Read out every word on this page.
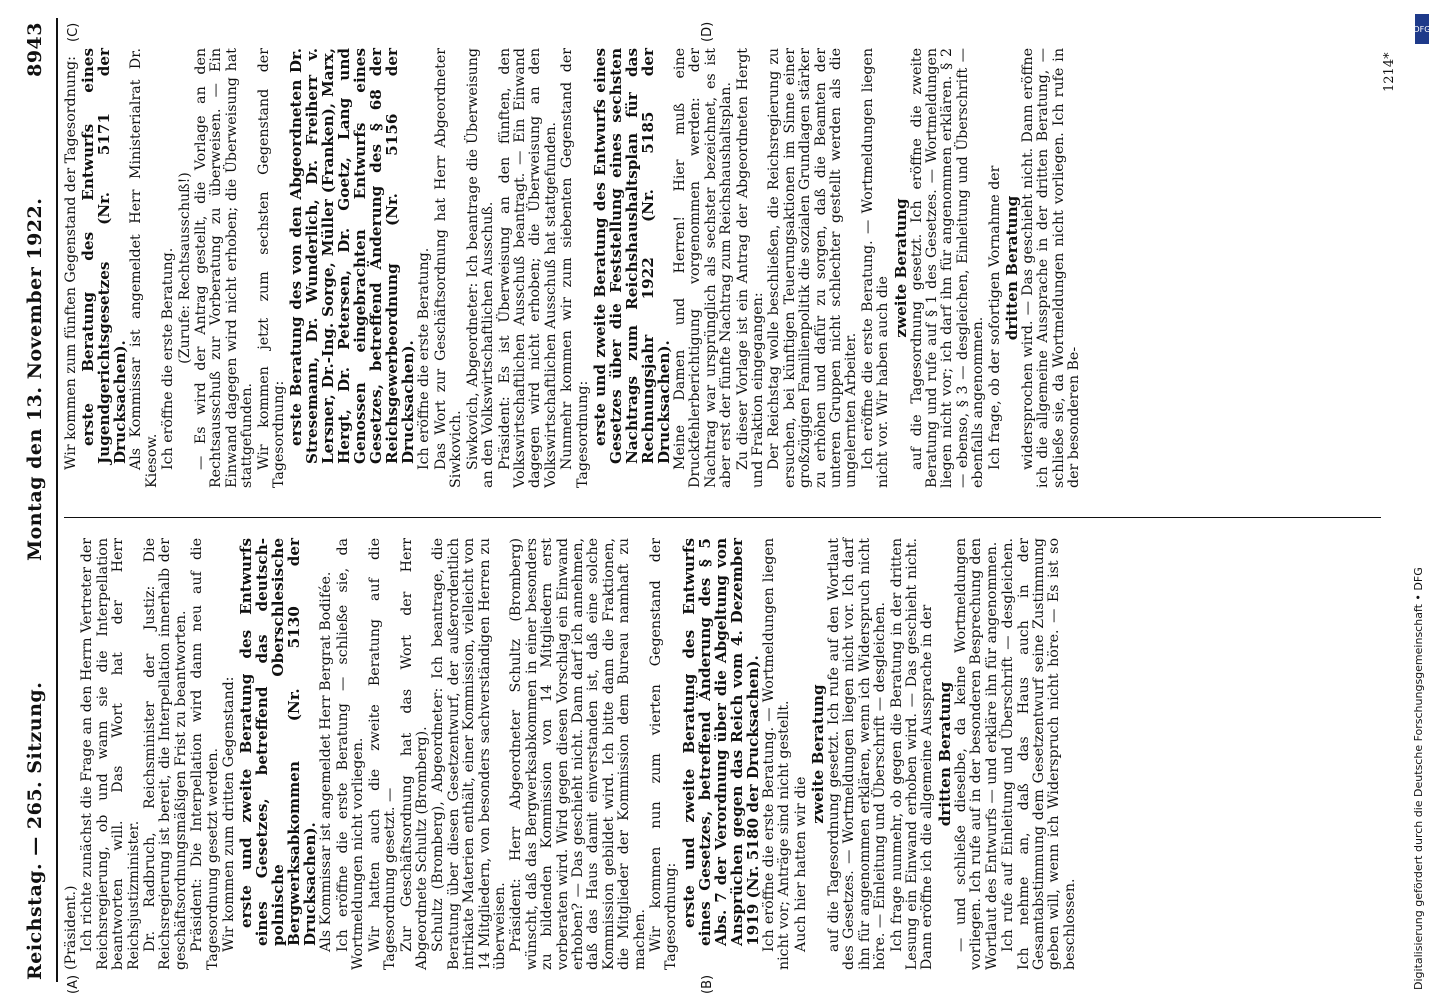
Reichstag. — 265. Sitzung.
Montag den 13. November 1922.
8943
(A)	(B)
(C)	(D)

(Präsident.) Ich richte zunächst die Frage an den Herrn Vertreter der Reichsregierung, ob und wann sie die Interpellation beantworten will. Das Wort hat der Herr Reichsjustizminister. Dr. Radbruch, Reichsminister der Justiz: Die Reichsregierung ist bereit, die Interpellation innerhalb der geschäftsordnungsmäßigen Frist zu beantworten. Präsident: Die Interpellation wird dann neu auf die Tagesordnung gesetzt werden. Wir kommen zum dritten Gegenstand: erste und zweite Beratung des Entwurfs eines Gesetzes, betreffend das deutsch-polnische Oberschlesische Bergwerksabkommen (Nr. 5130 der Drucksachen). Als Kommissar ist angemeldet Herr Bergrat Bodifée. Ich eröffne die erste Beratung — schließe sie, da Wortmeldungen nicht vorliegen. Wir hatten auch die zweite Beratung auf die Tagesordnung gesetzt. — Zur Geschäftsordnung hat das Wort der Herr Abgeordnete Schultz (Bromberg). Schultz (Bromberg), Abgeordneter: Ich beantrage, die Beratung über diesen Gesetzentwurf, der außerordentlich intrikate Materien enthält, einer Kommission, vielleicht von 14 Mitgliedern, von besonders sachverständigen Herren zu überweisen. Präsident: Herr Abgeordneter Schultz (Bromberg) wünscht, daß das Bergwerksabkommen in einer besonders zu bildenden Kommission von 14 Mitgliedern erst vorberaten wird. Wird gegen diesen Vorschlag ein Einwand erhoben? — Das geschieht nicht. Dann darf ich annehmen, daß das Haus damit einverstanden ist, daß eine solche Kommission gebildet wird. Ich bitte dann die Fraktionen, die Mitglieder der Kommission dem Bureau namhaft zu machen. Wir kommen nun zum vierten Gegenstand der Tagesordnung: erste und zweite Beratung des Entwurfs eines Gesetzes, betreffend Änderung des § 5 Abs. 7 der Verordnung über die Abgeltung von Ansprüchen gegen das Reich vom 4. Dezember 1919 (Nr. 5180 der Drucksachen). Ich eröffne die erste Beratung. — Wortmeldungen liegen nicht vor; Anträge sind nicht gestellt. Auch hier hatten wir die

zweite Beratung auf die Tagesordnung gesetzt. Ich rufe auf den Wortlaut des Gesetzes. — Wortmeldungen liegen nicht vor. Ich darf ihn für angenommen erklären, wenn ich Widerspruch nicht höre. — Einleitung und Überschrift — desgleichen. Ich frage nunmehr, ob gegen die Beratung in der dritten Lesung ein Einwand erhoben wird. — Das geschieht nicht. Dann eröffne ich die allgemeine Aussprache in der dritten Beratung — und schließe dieselbe, da keine Wortmeldungen vorliegen. Ich rufe auf in der besonderen Besprechung den Wortlaut des Entwurfs — und erkläre ihn für angenommen. Ich rufe auf Einleitung und Überschrift — desgleichen. Ich nehme an, daß das Haus auch in der Gesamtabstimmung dem Gesetzentwurf seine Zustimmung geben will, wenn ich Widerspruch nicht höre. — Es ist so beschlossen.

Wir kommen zum fünften Gegenstand der Tagesordnung: erste Beratung des Entwurfs eines Jugendgerichtsgesetzes (Nr. 5171 der Drucksachen). Als Kommissar ist angemeldet Herr Ministerialrat Dr. Kiesow. Ich eröffne die erste Beratung. (Zurufe: Rechtsausschuß!) — Es wird der Antrag gestellt, die Vorlage an den Rechtsausschuß zur Vorberatung zu überweisen. — Ein Einwand dagegen wird nicht erhoben; die Überweisung hat stattgefunden. Wir kommen jetzt zum sechsten Gegenstand der Tagesordnung: erste Beratung des von den Abgeordneten Dr. Stresemann, Dr. Wunderlich, Dr. Freiherr v. Lersner, Dr.-Ing. Sorge, Müller (Franken), Marx, Hergt, Dr. Petersen, Dr. Goetz, Lang und Genossen eingebrachten Entwurfs eines Gesetzes, betreffend Änderung des § 68 der Reichsgewerbeordnung (Nr. 5156 der Drucksachen). Ich eröffne die erste Beratung. Das Wort zur Geschäftsordnung hat Herr Abgeordneter Siwkovich. Siwkovich, Abgeordneter: Ich beantrage die Überweisung an den Volkswirtschaftlichen Ausschuß. Präsident: Es ist Überweisung an den fünften, den Volkswirtschaftlichen Ausschuß beantragt. — Ein Einwand dagegen wird nicht erhoben; die Überweisung an den Volkswirtschaftlichen Ausschuß hat stattgefunden. Nunmehr kommen wir zum siebenten Gegenstand der Tagesordnung: erste und zweite Beratung des Entwurfs eines Gesetzes über die Feststellung eines sechsten Nachtrags zum Reichshaushaltsplan für das Rechnungsjahr 1922 (Nr. 5185 der Drucksachen). Meine Damen und Herren! Hier muß eine Druckfehlerberichtigung vorgenommen werden: der Nachtrag war ursprünglich als sechster bezeichnet, es ist aber erst der fünfte Nachtrag zum Reichshaushaltsplan. Zu dieser Vorlage ist ein Antrag der Abgeordneten Hergt und Fraktion eingegangen: Der Reichstag wolle beschließen, die Reichsregierung zu ersuchen, bei künftigen Teuerungsaktionen im Sinne einer großzügigen Familienpolitik die sozialen Grundlagen stärker zu erhöhen und dafür zu sorgen, daß die Beamten der unteren Gruppen nicht schlechter gestellt werden als die ungelernten Arbeiter. Ich eröffne die erste Beratung. — Wortmeldungen liegen nicht vor. Wir haben auch die

zweite Beratung auf die Tagesordnung gesetzt. Ich eröffne die zweite Beratung und rufe auf § 1 des Gesetzes. — Wortmeldungen liegen nicht vor; ich darf ihn für angenommen erklären. § 2 — ebenso, § 3 — desgleichen, Einleitung und Überschrift — ebenfalls angenommen. Ich frage, ob der sofortigen Vornahme der dritten Beratung widersprochen wird. — Das geschieht nicht. Dann eröffne ich die allgemeine Aussprache in der dritten Beratung, — schließe sie, da Wortmeldungen nicht vorliegen. Ich rufe in der besonderen Be-

1214*
DFG
Digitalisierung gefördert durch die Deutsche Forschungsgemeinschaft • DFG
